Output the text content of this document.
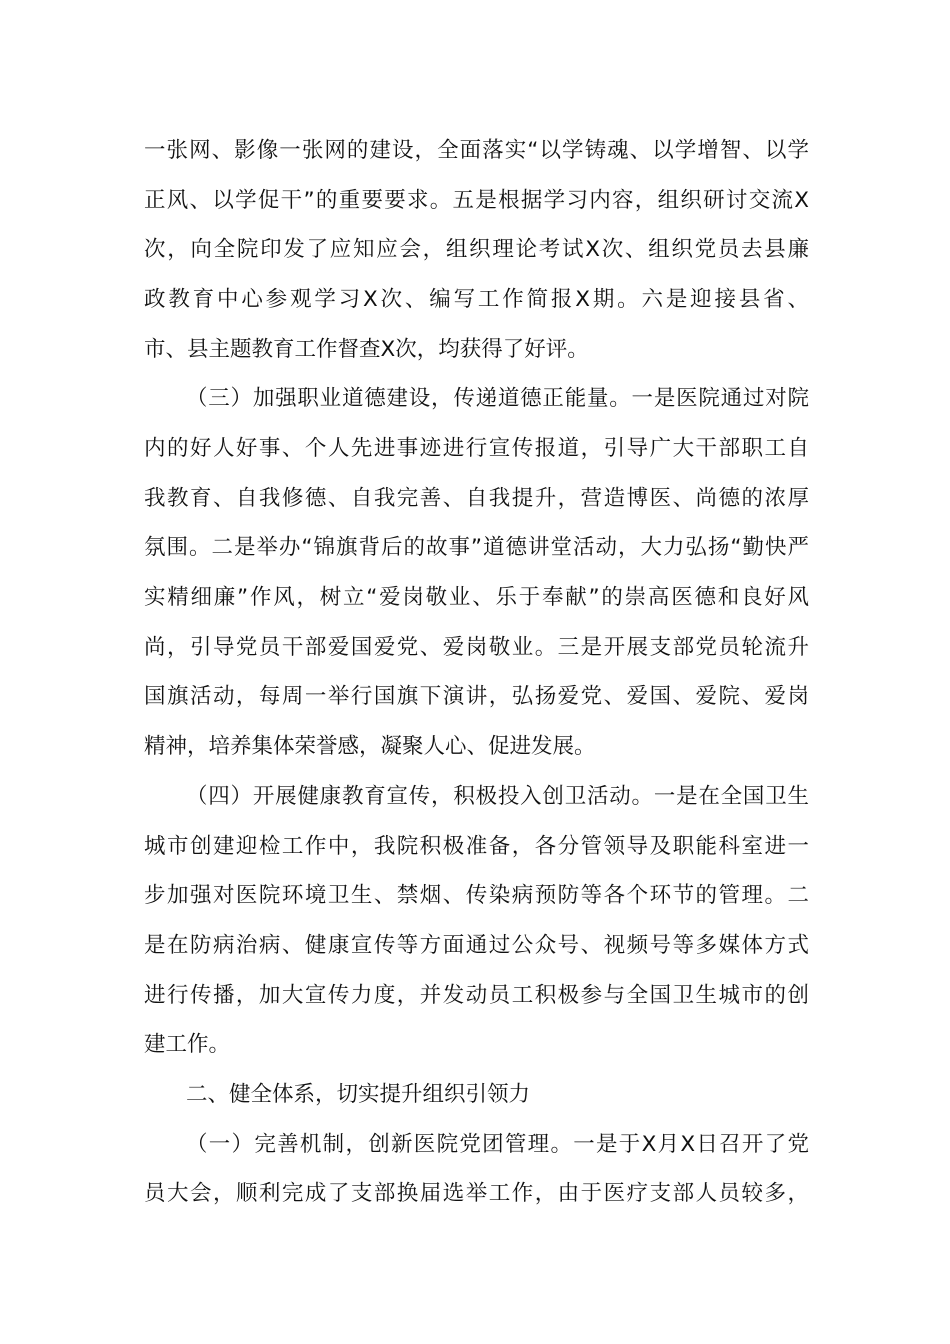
一张网、影像一张网的建设，全面落实“以学铸魂、以学增智、以学

正风、以学促干”的重要要求。五是根据学习内容，组织研讨交流X

次，向全院印发了应知应会，组织理论考试X次、组织党员去县廉

政教育中心参观学习X次、编写工作简报X期。六是迎接县省、

市、县主题教育工作督查X次，均获得了好评。

（三）加强职业道德建设，传递道德正能量。一是医院通过对院

内的好人好事、个人先进事迹进行宣传报道，引导广大干部职工自

我教育、自我修德、自我完善、自我提升，营造博医、尚德的浓厚

氛围。二是举办“锦旗背后的故事”道德讲堂活动，大力弘扬“勤快严

实精细廉”作风，树立“爱岗敬业、乐于奉献”的崇高医德和良好风

尚，引导党员干部爱国爱党、爱岗敬业。三是开展支部党员轮流升

国旗活动，每周一举行国旗下演讲，弘扬爱党、爱国、爱院、爱岗

精神，培养集体荣誉感，凝聚人心、促进发展。

（四）开展健康教育宣传，积极投入创卫活动。一是在全国卫生

城市创建迎检工作中，我院积极准备，各分管领导及职能科室进一

步加强对医院环境卫生、禁烟、传染病预防等各个环节的管理。二

是在防病治病、健康宣传等方面通过公众号、视频号等多媒体方式

进行传播，加大宣传力度，并发动员工积极参与全国卫生城市的创

建工作。

二、健全体系，切实提升组织引领力

（一）完善机制，创新医院党团管理。一是于X月X日召开了党

员大会，顺利完成了支部换届选举工作，由于医疗支部人员较多，
